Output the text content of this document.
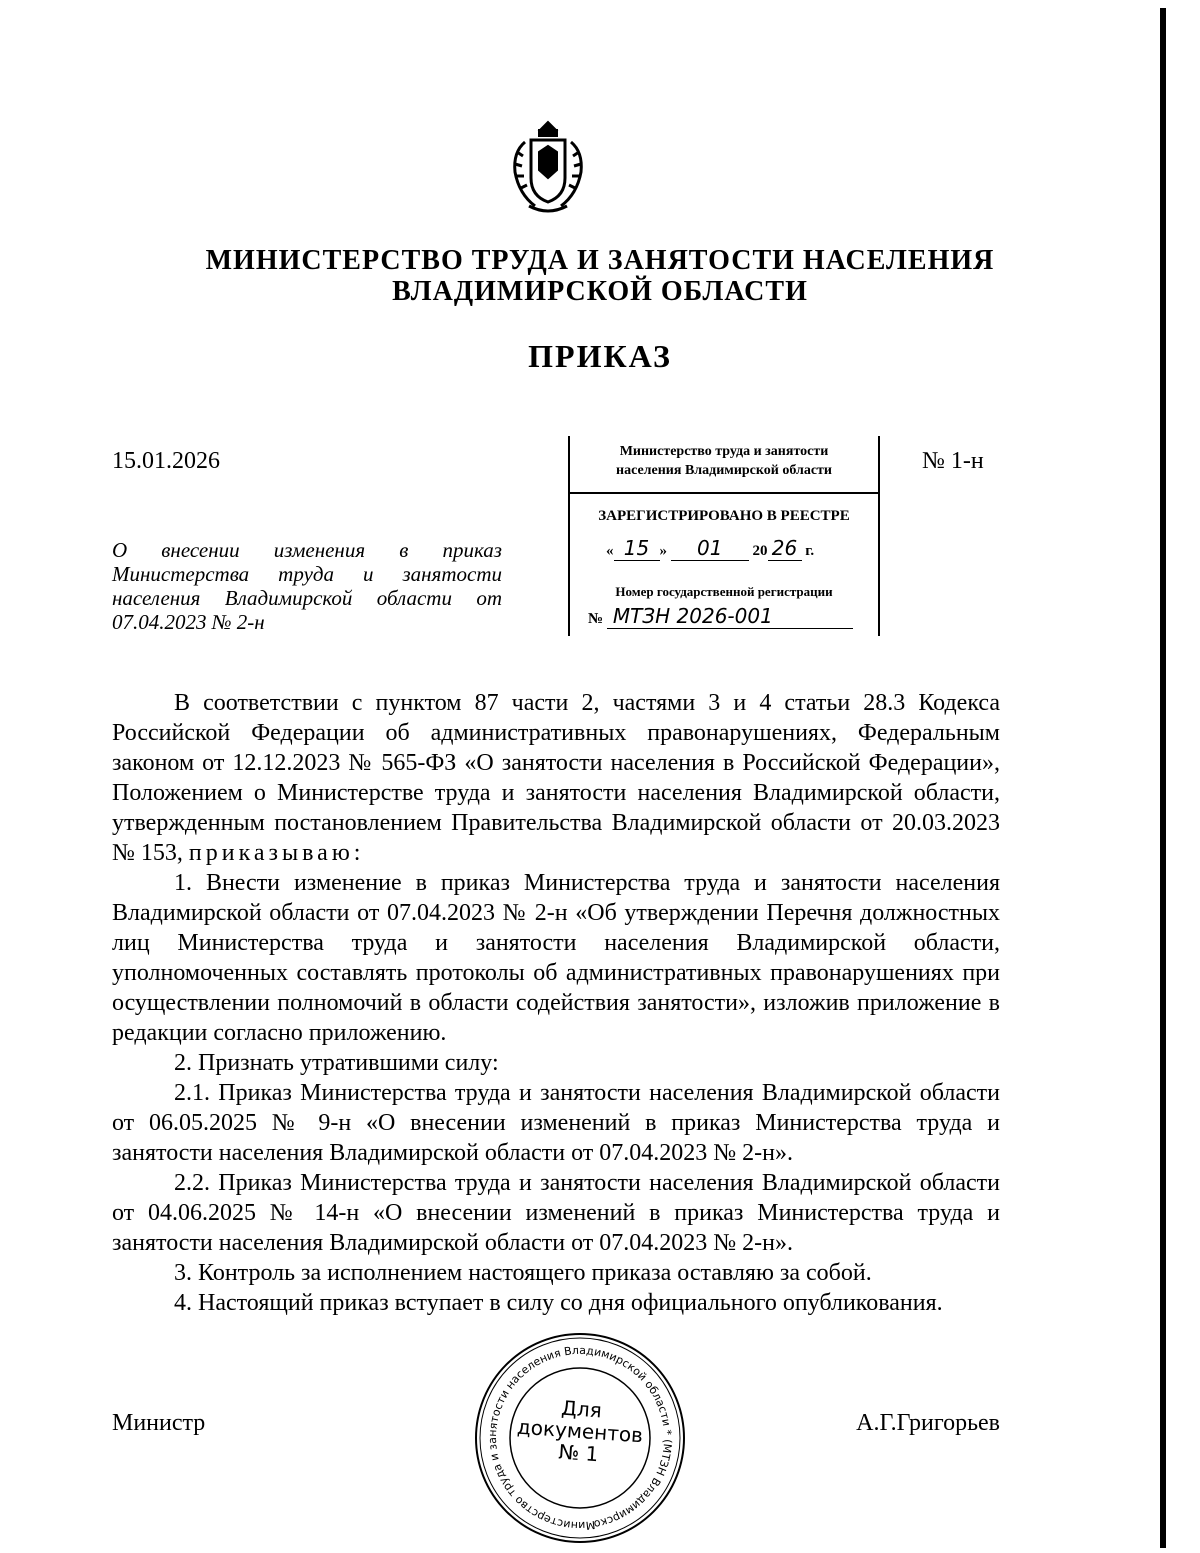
МИНИСТЕРСТВО ТРУДА И ЗАНЯТОСТИ НАСЕЛЕНИЯ
ВЛАДИМИРСКОЙ ОБЛАСТИ
ПРИКАЗ
15.01.2026	№ 1-н
Министерство труда и занятости
населения Владимирской области
ЗАРЕГИСТРИРОВАНО В РЕЕСТРЕ
« 15 » 01 20 26 г.
Номер государственной регистрации
№ МТЗН 2026-001
О внесении изменения в приказ Министерства труда и занятости населения Владимирской области от 07.04.2023 № 2-н

В соответствии с пунктом 87 части 2, частями 3 и 4 статьи 28.3 Кодекса Российской Федерации об административных правонарушениях, Федеральным законом от 12.12.2023 № 565-ФЗ «О занятости населения в Российской Федерации», Положением о Министерстве труда и занятости населения Владимирской области, утвержденным постановлением Правительства Владимирской области от 20.03.2023 № 153, приказываю:

1. Внести изменение в приказ Министерства труда и занятости населения Владимирской области от 07.04.2023 № 2-н «Об утверждении Перечня должностных лиц Министерства труда и занятости населения Владимирской области, уполномоченных составлять протоколы об административных правонарушениях при осуществлении полномочий в области содействия занятости», изложив приложение в редакции согласно приложению.

2. Признать утратившими силу:

2.1. Приказ Министерства труда и занятости населения Владимирской области от 06.05.2025 № 9-н «О внесении изменений в приказ Министерства труда и занятости населения Владимирской области от 07.04.2023 № 2-н».

2.2. Приказ Министерства труда и занятости населения Владимирской области от 04.06.2025 № 14-н «О внесении изменений в приказ Министерства труда и занятости населения Владимирской области от 07.04.2023 № 2-н».

3. Контроль за исполнением настоящего приказа оставляю за собой.

4. Настоящий приказ вступает в силу со дня официального опубликования.

Министр	А.Г.Григорьев
Министерство труда и занятости населения Владимирской области * (МТЗН Владимирской
Для
документов
№ 1
